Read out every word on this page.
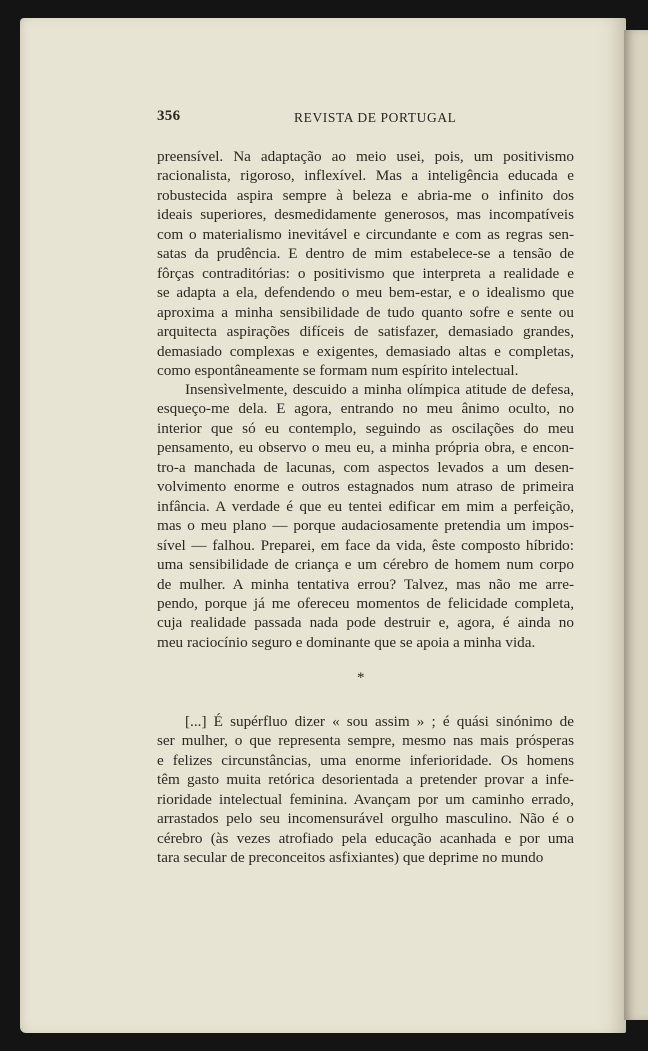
356	REVISTA DE PORTUGAL
preensível. Na adaptação ao meio usei, pois, um positivismo
racionalista, rigoroso, inflexível. Mas a inteligência educada e
robustecida aspira sempre à beleza e abria-me o infinito dos
ideais superiores, desmedidamente generosos, mas incompatíveis
com o materialismo inevitável e circundante e com as regras sen-
satas da prudência. E dentro de mim estabelece-se a tensão de
fôrças contraditórias: o positivismo que interpreta a realidade e
se adapta a ela, defendendo o meu bem-estar, e o idealismo que
aproxima a minha sensibilidade de tudo quanto sofre e sente ou
arquitecta aspirações difíceis de satisfazer, demasiado grandes,
demasiado complexas e exigentes, demasiado altas e completas,
como espontâneamente se formam num espírito intelectual.
Insensìvelmente, descuido a minha olímpica atitude de defesa,
esqueço-me dela. E agora, entrando no meu ânimo oculto, no
interior que só eu contemplo, seguindo as oscilações do meu
pensamento, eu observo o meu eu, a minha própria obra, e encon-
tro-a manchada de lacunas, com aspectos levados a um desen-
volvimento enorme e outros estagnados num atraso de primeira
infância. A verdade é que eu tentei edificar em mim a perfeição,
mas o meu plano — porque audaciosamente pretendia um impos-
sível — falhou. Preparei, em face da vida, êste composto híbrido:
uma sensibilidade de criança e um cérebro de homem num corpo
de mulher. A minha tentativa errou? Talvez, mas não me arre-
pendo, porque já me ofereceu momentos de felicidade completa,
cuja realidade passada nada pode destruir e, agora, é ainda no
meu raciocínio seguro e dominante que se apoia a minha vida.
*
[...] É supérfluo dizer « sou assim » ; é quási sinónimo de
ser mulher, o que representa sempre, mesmo nas mais prósperas
e felizes circunstâncias, uma enorme inferioridade. Os homens
têm gasto muita retórica desorientada a pretender provar a infe-
rioridade intelectual feminina. Avançam por um caminho errado,
arrastados pelo seu incomensurável orgulho masculino. Não é o
cérebro (às vezes atrofiado pela educação acanhada e por uma
tara secular de preconceitos asfixiantes) que deprime no mundo
